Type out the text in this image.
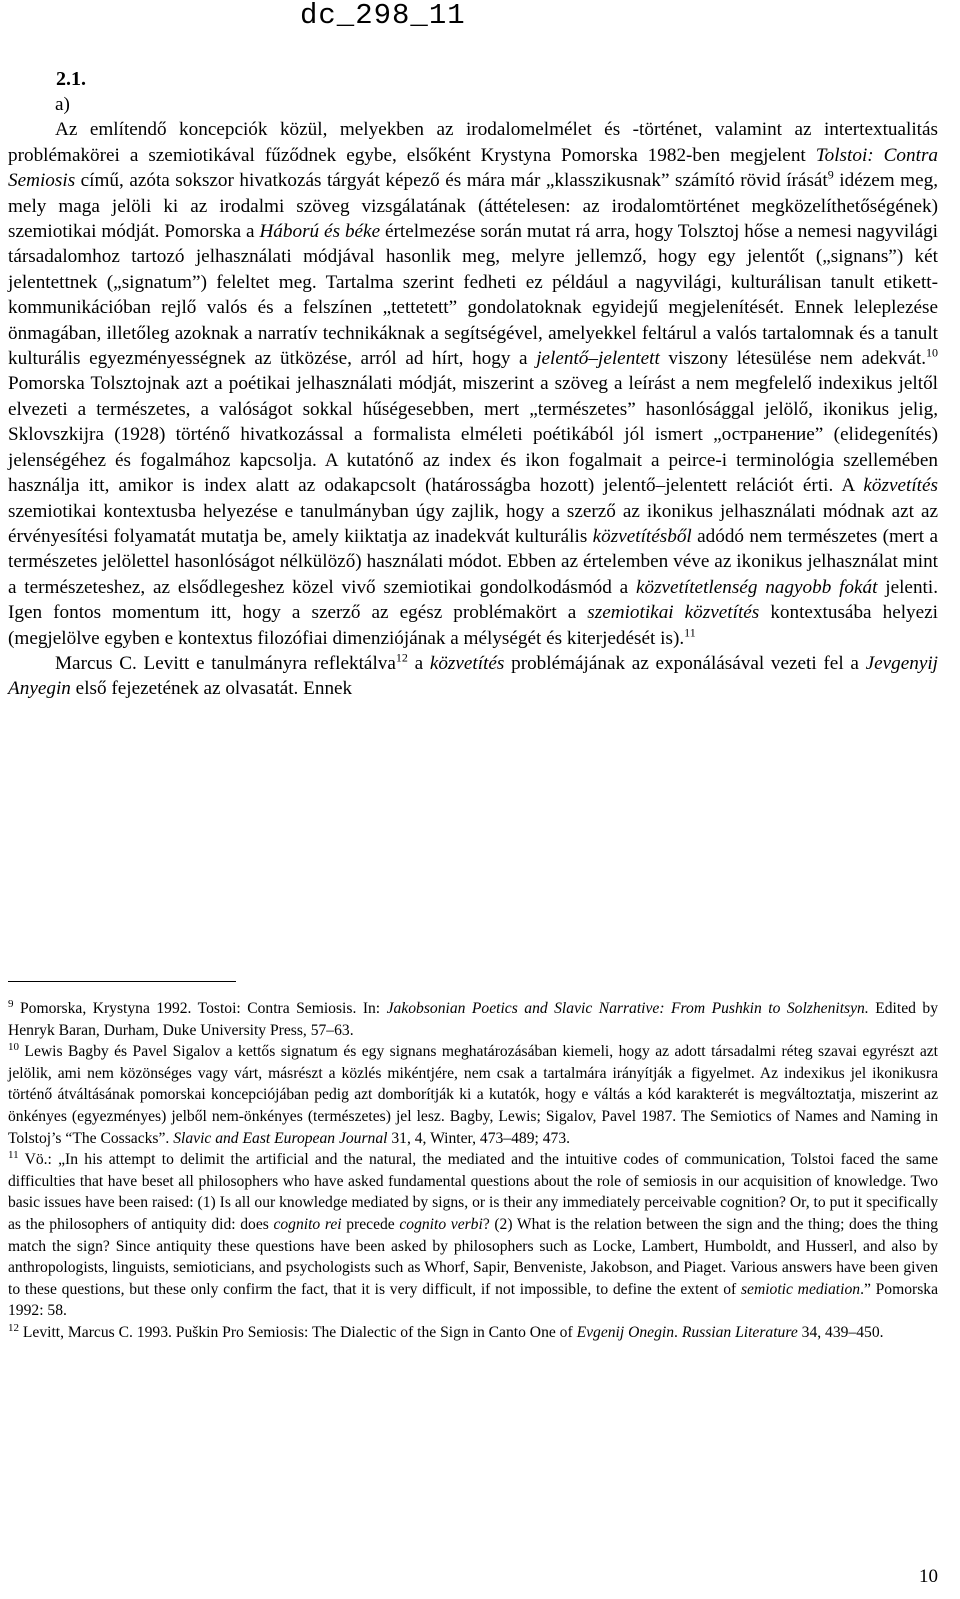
dc_298_11
2.1.

a)

Az említendő koncepciók közül, melyekben az irodalomelmélet és -történet, valamint az intertextualitás problémakörei a szemiotikával fűződnek egybe, elsőként Krystyna Pomorska 1982-ben megjelent Tolstoi: Contra Semiosis című, azóta sokszor hivatkozás tárgyát képező és mára már „klasszikusnak” számító rövid írását$^9$ idézem meg, mely maga jelöli ki az irodalmi szöveg vizsgálatának (áttételesen: az irodalomtörténet megközelíthetőségének) szemiotikai módját. Pomorska a Háború és béke értelmezése során mutat rá arra, hogy Tolsztoj hőse a nemesi nagyvilági társadalomhoz tartozó jelhasználati módjával hasonlik meg, melyre jellemző, hogy egy jelentőt („signans”) két jelentettnek („signatum”) feleltet meg. Tartalma szerint fedheti ez például a nagyvilági, kulturálisan tanult etikett-kommunikációban rejlő valós és a felszínen „tettetett” gondolatoknak egyidejű megjelenítését. Ennek leleplezése önmagában, illetőleg azoknak a narratív technikáknak a segítségével, amelyekkel feltárul a valós tartalomnak és a tanult kulturális egyezményességnek az ütközése, arról ad hírt, hogy a jelentő–jelentett viszony létesülése nem adekvát.$^{10}$ Pomorska Tolsztojnak azt a poétikai jelhasználati módját, miszerint a szöveg a leírást a nem megfelelő indexikus jeltől elvezeti a természetes, a valóságot sokkal hűségesebben, mert „természetes” hasonlósággal jelölő, ikonikus jelig, Sklovszkijra (1928) történő hivatkozással a formalista elméleti poétikából jól ismert „остранение” (elidegenítés) jelenségéhez és fogalmához kapcsolja. A kutatónő az index és ikon fogalmait a peirce-i terminológia szellemében használja itt, amikor is index alatt az odakapcsolt (határosságba hozott) jelentő–jelentett relációt érti. A közvetítés szemiotikai kontextusba helyezése e tanulmányban úgy zajlik, hogy a szerző az ikonikus jelhasználati módnak azt az érvényesítési folyamatát mutatja be, amely kiiktatja az inadekvát kulturális közvetítésből adódó nem természetes (mert a természetes jelölettel hasonlóságot nélkülöző) használati módot. Ebben az értelemben véve az ikonikus jelhasználat mint a természeteshez, az elsődlegeshez közel vivő szemiotikai gondolkodásmód a közvetítetlenség nagyobb fokát jelenti. Igen fontos momentum itt, hogy a szerző az egész problémakört a szemiotikai közvetítés kontextusába helyezi (megjelölve egyben e kontextus filozófiai dimenziójának a mélységét és kiterjedését is).$^{11}$

Marcus C. Levitt e tanulmányra reflektálva$^{12}$ a közvetítés problémájának az exponálásával vezeti fel a Jevgenyij Anyegin első fejezetének az olvasatát. Ennek

$^9$ Pomorska, Krystyna 1992. Tostoi: Contra Semiosis. In: Jakobsonian Poetics and Slavic Narrative: From Pushkin to Solzhenitsyn. Edited by Henryk Baran, Durham, Duke University Press, 57–63.

$^{10}$ Lewis Bagby és Pavel Sigalov a kettős signatum és egy signans meghatározásában kiemeli, hogy az adott társadalmi réteg szavai egyrészt azt jelölik, ami nem közönséges vagy várt, másrészt a közlés mikéntjére, nem csak a tartalmára irányítják a figyelmet. Az indexikus jel ikonikusra történő átváltásának pomorskai koncepciójában pedig azt domborítják ki a kutatók, hogy e váltás a kód karakterét is megváltoztatja, miszerint az önkényes (egyezményes) jelből nem-önkényes (természetes) jel lesz. Bagby, Lewis; Sigalov, Pavel 1987. The Semiotics of Names and Naming in Tolstoj’s “The Cossacks”. Slavic and East European Journal 31, 4, Winter, 473–489; 473.

$^{11}$ Vö.: „In his attempt to delimit the artificial and the natural, the mediated and the intuitive codes of communication, Tolstoi faced the same difficulties that have beset all philosophers who have asked fundamental questions about the role of semiosis in our acquisition of knowledge. Two basic issues have been raised: (1) Is all our knowledge mediated by signs, or is their any immediately perceivable cognition? Or, to put it specifically as the philosophers of antiquity did: does cognito rei precede cognito verbi? (2) What is the relation between the sign and the thing; does the thing match the sign? Since antiquity these questions have been asked by philosophers such as Locke, Lambert, Humboldt, and Husserl, and also by anthropologists, linguists, semioticians, and psychologists such as Whorf, Sapir, Benveniste, Jakobson, and Piaget. Various answers have been given to these questions, but these only confirm the fact, that it is very difficult, if not impossible, to define the extent of semiotic mediation.” Pomorska 1992: 58.

$^{12}$ Levitt, Marcus C. 1993. Puškin Pro Semiosis: The Dialectic of the Sign in Canto One of Evgenij Onegin. Russian Literature 34, 439–450.

10
